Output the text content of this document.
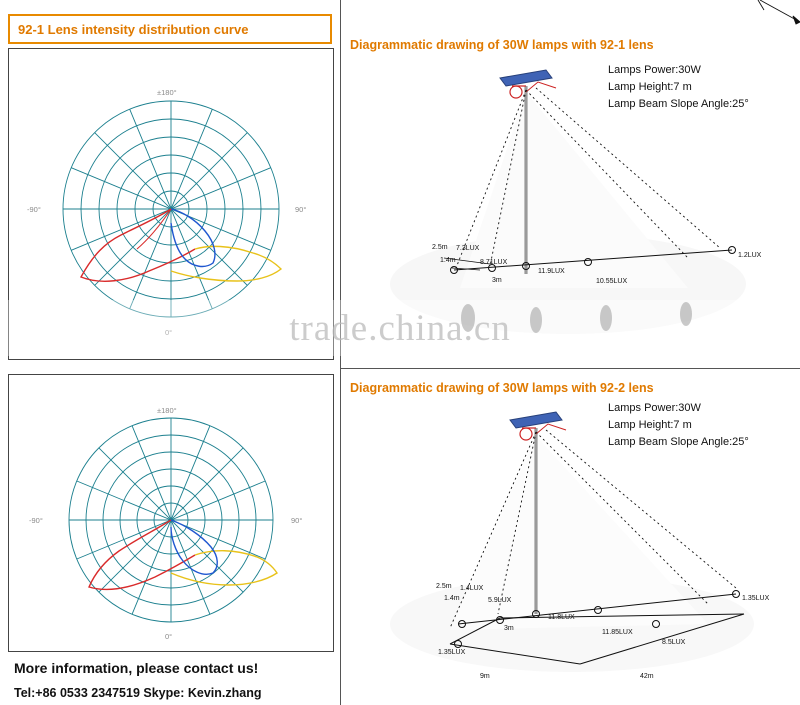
92-1 Lens intensity distribution curve
±180°
-90°	90°
0°
±180°
-90°	90°
0°
More information, please contact us!
Tel:+86 0533 2347519 Skype: Kevin.zhang
Diagrammatic drawing of 30W lamps with 92-1 lens
Lamps Power:30W
Lamp Height:7 m
Lamp Beam Slope Angle:25°
7.3LUX
8.71LUX
11.9LUX
10.55LUX
1.2LUX
2.5m
1.4m
3m
Diagrammatic drawing of 30W lamps with 92-2 lens
Lamps Power:30W
Lamp Height:7 m
Lamp Beam Slope Angle:25°
1.4LUX
5.9LUX
11.8LUX
11.85LUX
8.5LUX
1.35LUX
1.35LUX
2.5m
1.4m
3m
9m	42m
trade.china.cn
